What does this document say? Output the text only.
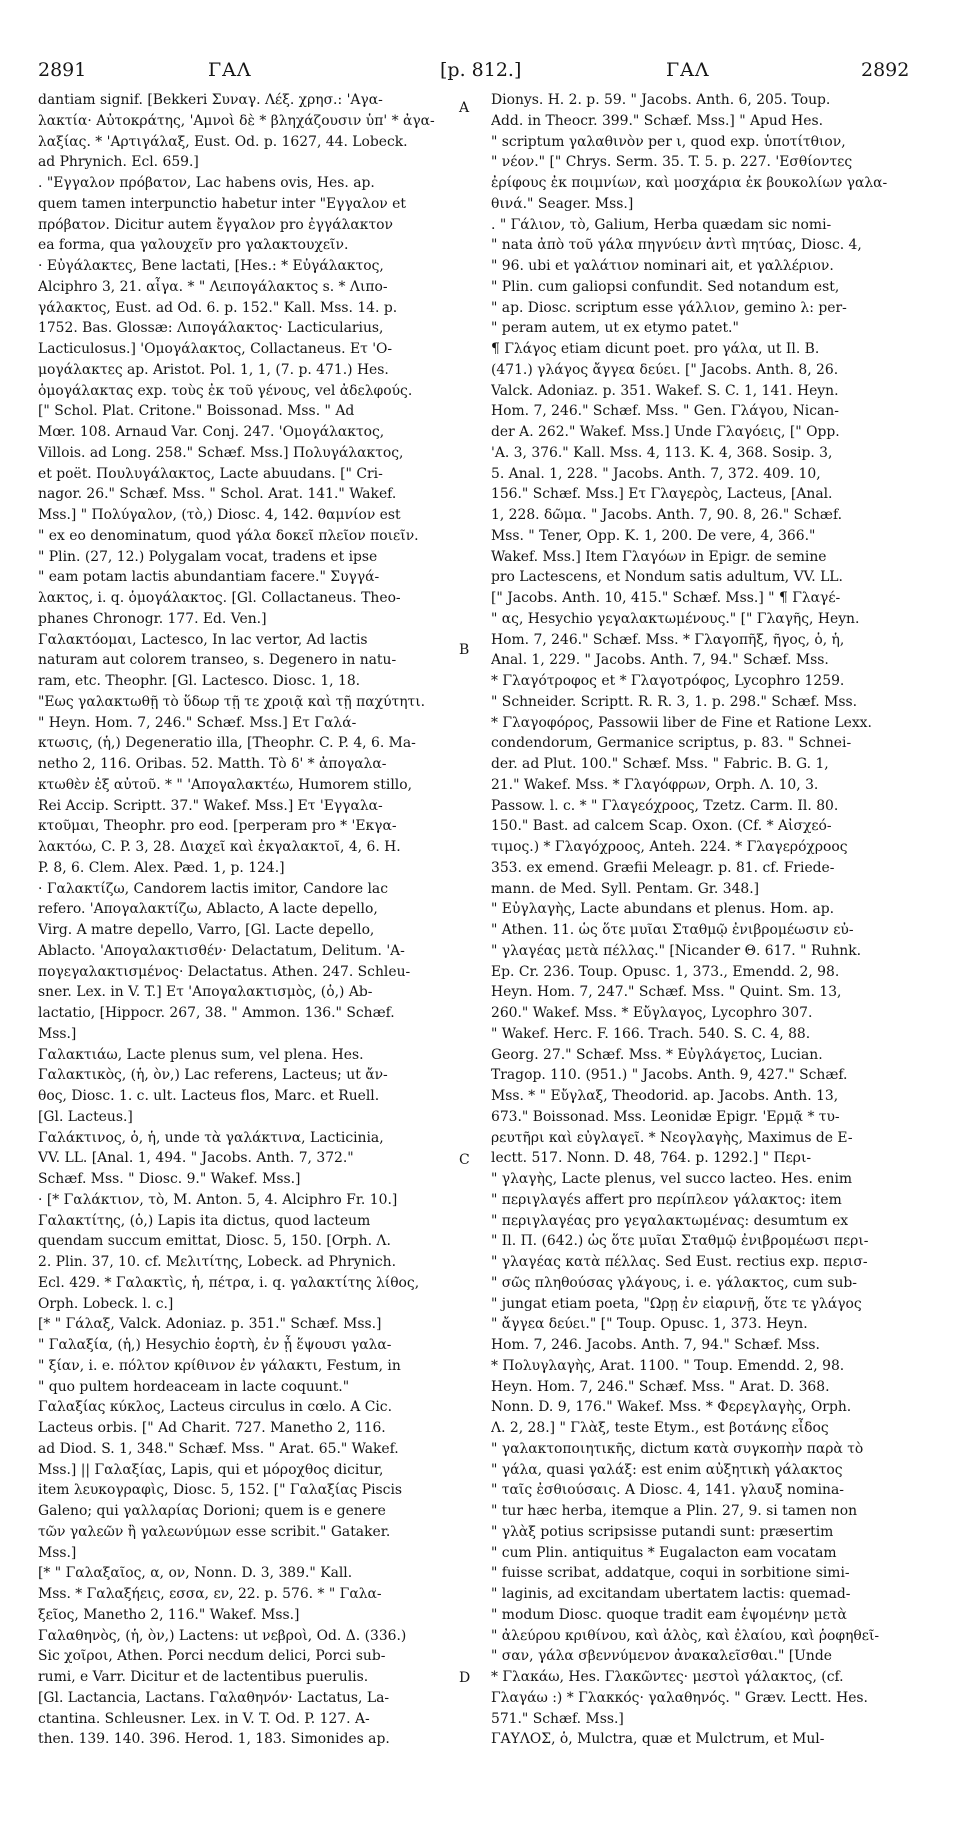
2891	ΓΑΛ	[p. 812.]	ΓΑΛ	2892
dantiam signif. [Bekkeri Συναγ. Λέξ. χρησ.: 'Αγα-
λακτία· Αὐτοκράτης, 'Αμνοὶ δὲ * βληχάζουσιν ὑπ' * ἀγα-
λαξίας. * 'Αρτιγάλαξ, Eust. Od. p. 1627, 44. Lobeck.
ad Phrynich. Ecl. 659.]
. "Εγγαλον πρόβατον, Lac habens ovis, Hes. ap.
quem tamen interpunctio habetur inter "Εγγαλον et
πρόβατον. Dicitur autem ἔγγαλον pro ἐγγάλακτον
ea forma, qua γαλουχεῖν pro γαλακτουχεῖν.
· Εὐγάλακτες, Bene lactati, [Hes.: * Εὐγάλακτος,
Alciphro 3, 21. αἶγα. * " Λειπογάλακτος s. * Λιπο-
γάλακτος, Eust. ad Od. 6. p. 152." Kall. Mss. 14. p.
1752. Bas. Glossæ: Λιπογάλακτος· Lacticularius,
Lacticulosus.] 'Ομογάλακτος, Collactaneus. Ετ 'Ο-
μογάλακτες ap. Aristot. Pol. 1, 1, (7. p. 471.) Hes.
ὁμογάλακτας exp. τοὺς ἐκ τοῦ γένους, vel ἀδελφούς.
[" Schol. Plat. Critone." Boissonad. Mss. " Ad
Mœr. 108. Arnaud Var. Conj. 247. 'Ομογάλακτος,
Villois. ad Long. 258." Schæf. Mss.] Πολυγάλακτος,
et poët. Πουλυγάλακτος, Lacte abuudans. [" Cri-
nagor. 26." Schæf. Mss. " Schol. Arat. 141." Wakef.
Mss.] " Πολύγαλον, (τὸ,) Diosc. 4, 142. θαμνίον est
" ex eo denominatum, quod γάλα δοκεῖ πλεῖον ποιεῖν.
" Plin. (27, 12.) Polygalam vocat, tradens et ipse
" eam potam lactis abundantiam facere." Συγγά-
λακτος, i. q. ὁμογάλακτος. [Gl. Collactaneus. Theo-
phanes Chronogr. 177. Ed. Ven.]
Γαλακτόομαι, Lactesco, In lac vertor, Ad lactis
naturam aut colorem transeo, s. Degenero in natu-
ram, etc. Theophr. [Gl. Lactesco. Diosc. 1, 18.
"Εως γαλακτωθῇ τὸ ὕδωρ τῇ τε χροιᾷ καὶ τῇ παχύτητι.
" Heyn. Hom. 7, 246." Schæf. Mss.] Ετ Γαλά-
κτωσις, (ἡ,) Degeneratio illa, [Theophr. C. P. 4, 6. Ma-
netho 2, 116. Oribas. 52. Matth. Τὸ δ' * ἀπογαλα-
κτωθὲν ἐξ αὐτοῦ. * " 'Απογαλακτέω, Humorem stillo,
Rei Accip. Scriptt. 37." Wakef. Mss.] Ετ 'Εγγαλα-
κτοῦμαι, Theophr. pro eod. [perperam pro * 'Εκγα-
λακτόω, C. P. 3, 28. Διαχεῖ καὶ ἐκγαλακτοῖ, 4, 6. H.
P. 8, 6. Clem. Alex. Pæd. 1, p. 124.]
· Γαλακτίζω, Candorem lactis imitor, Candore lac
refero. 'Απογαλακτίζω, Ablacto, A lacte depello,
Virg. A matre depello, Varro, [Gl. Lacte depello,
Ablacto. 'Απογαλακτισθέν· Delactatum, Delitum. 'Α-
πογεγαλακτισμένος· Delactatus. Athen. 247. Schleu-
sner. Lex. in V. T.] Ετ 'Απογαλακτισμὸς, (ὁ,) Ab-
lactatio, [Hippocr. 267, 38. " Ammon. 136." Schæf.
Mss.]
Γαλακτιάω, Lacte plenus sum, vel plena. Hes.
Γαλακτικὸς, (ἡ, ὸν,) Lac referens, Lacteus; ut ἄν-
θος, Diosc. 1. c. ult. Lacteus flos, Marc. et Ruell.
[Gl. Lacteus.]
Γαλάκτινος, ὁ, ἡ, unde τὰ γαλάκτινα, Lacticinia,
VV. LL. [Anal. 1, 494. " Jacobs. Anth. 7, 372."
Schæf. Mss. " Diosc. 9." Wakef. Mss.]
· [* Γαλάκτιον, τὸ, M. Anton. 5, 4. Alciphro Fr. 10.]
Γαλακτίτης, (ὁ,) Lapis ita dictus, quod lacteum
quendam succum emittat, Diosc. 5, 150. [Orph. Λ.
2. Plin. 37, 10. cf. Μελιτίτης, Lobeck. ad Phrynich.
Ecl. 429. * Γαλακτὶς, ἡ, πέτρα, i. q. γαλακτίτης λίθος,
Orph. Lobeck. l. c.]
[* " Γάλαξ, Valck. Adoniaz. p. 351." Schæf. Mss.]
" Γαλαξία, (ἡ,) Hesychio ἑορτὴ, ἐν ᾗ ἕψουσι γαλα-
" ξίαν, i. e. πόλτον κρίθινον ἐν γάλακτι, Festum, in
" quo pultem hordeaceam in lacte coquunt."
Γαλαξίας κύκλος, Lacteus circulus in cœlo. A Cic.
Lacteus orbis. [" Ad Charit. 727. Manetho 2, 116.
ad Diod. S. 1, 348." Schæf. Mss. " Arat. 65." Wakef.
Mss.] || Γαλαξίας, Lapis, qui et μόροχθος dicitur,
item λευκογραφὶς, Diosc. 5, 152. [" Γαλαξίας Piscis
Galeno; qui γαλλαρίας Dorioni; quem is e genere
τῶν γαλεῶν ἢ γαλεωνύμων esse scribit." Gataker.
Mss.]
[* " Γαλαξαῖος, α, ον, Nonn. D. 3, 389." Kall.
Mss. * Γαλαξήεις, εσσα, εν, 22. p. 576. * " Γαλα-
ξεῖος, Manetho 2, 116." Wakef. Mss.]
Γαλαθηνὸς, (ἡ, ὸν,) Lactens: ut νεβροὶ, Od. Δ. (336.)
Sic χοῖροι, Athen. Porci necdum delici, Porci sub-
rumi, e Varr. Dicitur et de lactentibus puerulis.
[Gl. Lactancia, Lactans. Γαλαθηνόν· Lactatus, La-
ctantina. Schleusner. Lex. in V. T. Od. P. 127. A-
then. 139. 140. 396. Herod. 1, 183. Simonides ap.
A
B
C
D
Dionys. H. 2. p. 59. " Jacobs. Anth. 6, 205. Toup.
Add. in Theocr. 399." Schæf. Mss.] " Apud Hes.
" scriptum γαλαθινὸν per ι, quod exp. ὑποτίτθιον,
" νέον." [" Chrys. Serm. 35. T. 5. p. 227. 'Εσθίοντες
ἐρίφους ἐκ ποιμνίων, καὶ μοσχάρια ἐκ βουκολίων γαλα-
θινά." Seager. Mss.]
. " Γάλιον, τὸ, Galium, Herba quædam sic nomi-
" nata ἀπὸ τοῦ γάλα πηγνύειν ἀντὶ πητύας, Diosc. 4,
" 96. ubi et γαλάτιον nominari ait, et γαλλέριον.
" Plin. cum galiopsi confundit. Sed notandum est,
" ap. Diosc. scriptum esse γάλλιον, gemino λ: per-
" peram autem, ut ex etymo patet."
¶ Γλάγος etiam dicunt poet. pro γάλα, ut Il. B.
(471.) γλάγος ἄγγεα δεύει. [" Jacobs. Anth. 8, 26.
Valck. Adoniaz. p. 351. Wakef. S. C. 1, 141. Heyn.
Hom. 7, 246." Schæf. Mss. " Gen. Γλάγου, Nican-
der A. 262." Wakef. Mss.] Unde Γλαγόεις, [" Opp.
'A. 3, 376." Kall. Mss. 4, 113. K. 4, 368. Sosip. 3,
5. Anal. 1, 228. " Jacobs. Anth. 7, 372. 409. 10,
156." Schæf. Mss.] Ετ Γλαγερὸς, Lacteus, [Anal.
1, 228. δῶμα. " Jacobs. Anth. 7, 90. 8, 26." Schæf.
Mss. " Tener, Opp. K. 1, 200. De vere, 4, 366."
Wakef. Mss.] Item Γλαγόων in Epigr. de semine
pro Lactescens, et Nondum satis adultum, VV. LL.
[" Jacobs. Anth. 10, 415." Schæf. Mss.] " ¶ Γλαγέ-
" ας, Hesychio γεγαλακτωμένους." [" Γλαγῆς, Heyn.
Hom. 7, 246." Schæf. Mss. * Γλαγοπῆξ, ῆγος, ὁ, ἡ,
Anal. 1, 229. " Jacobs. Anth. 7, 94." Schæf. Mss.
* Γλαγότροφος et * Γλαγοτρόφος, Lycophro 1259.
" Schneider. Scriptt. R. R. 3, 1. p. 298." Schæf. Mss.
* Γλαγοφόρος, Passowii liber de Fine et Ratione Lexx.
condendorum, Germanice scriptus, p. 83. " Schnei-
der. ad Plut. 100." Schæf. Mss. " Fabric. B. G. 1,
21." Wakef. Mss. * Γλαγόφρων, Orph. Λ. 10, 3.
Passow. l. c. * " Γλαγεόχροος, Tzetz. Carm. Il. 80.
150." Bast. ad calcem Scap. Oxon. (Cf. * Αἰσχεό-
τιμος.) * Γλαγόχροος, Anteh. 224. * Γλαγερόχροος
353. ex emend. Græfii Meleagr. p. 81. cf. Friede-
mann. de Med. Syll. Pentam. Gr. 348.]
" Εὐγλαγὴς, Lacte abundans et plenus. Hom. ap.
" Athen. 11. ὡς ὅτε μυῖαι Σταθμῷ ἐνιβρομέωσιν εὐ-
" γλαγέας μετὰ πέλλας." [Nicander Θ. 617. " Ruhnk.
Ep. Cr. 236. Toup. Opusc. 1, 373., Emendd. 2, 98.
Heyn. Hom. 7, 247." Schæf. Mss. " Quint. Sm. 13,
260." Wakef. Mss. * Εὔγλαγος, Lycophro 307.
" Wakef. Herc. F. 166. Trach. 540. S. C. 4, 88.
Georg. 27." Schæf. Mss. * Εὐγλάγετος, Lucian.
Tragop. 110. (951.) " Jacobs. Anth. 9, 427." Schæf.
Mss. * " Εὔγλαξ, Theodorid. ap. Jacobs. Anth. 13,
673." Boissonad. Mss. Leonidæ Epigr. 'Ερμᾷ * τυ-
ρευτῆρι καὶ εὐγλαγεῖ. * Νεογλαγὴς, Maximus de E-
lectt. 517. Nonn. D. 48, 764. p. 1292.] " Περι-
" γλαγὴς, Lacte plenus, vel succo lacteo. Hes. enim
" περιγλαγέs affert pro περίπλεον γάλακτος: item
" περιγλαγέας pro γεγαλακτωμένας: desumtum ex
" Il. Π. (642.) ὡς ὅτε μυῖαι Σταθμῷ ἐνιβρομέωσι περι-
" γλαγέας κατὰ πέλλας. Sed Eust. rectius exp. περισ-
" σῶς πληθούσας γλάγους, i. e. γάλακτος, cum sub-
" jungat etiam poeta, "Ωρῃ ἐν εἰαρινῇ, ὅτε τε γλάγος
" ἄγγεα δεύει." [" Toup. Opusc. 1, 373. Heyn.
Hom. 7, 246. Jacobs. Anth. 7, 94." Schæf. Mss.
* Πολυγλαγὴς, Arat. 1100. " Toup. Emendd. 2, 98.
Heyn. Hom. 7, 246." Schæf. Mss. " Arat. D. 368.
Nonn. D. 9, 176." Wakef. Mss. * Φερεγλαγὴς, Orph.
Λ. 2, 28.] " Γλὰξ, teste Etym., est βοτάνης εἶδος
" γαλακτοποιητικῆς, dictum κατὰ συγκοπὴν παρὰ τὸ
" γάλα, quasi γαλάξ: est enim αὐξητικὴ γάλακτος
" ταῖς ἐσθιούσαις. A Diosc. 4, 141. γλαυξ nomina-
" tur hæc herba, itemque a Plin. 27, 9. si tamen non
" γλὰξ potius scripsisse putandi sunt: præsertim
" cum Plin. antiquitus * Eugalacton eam vocatam
" fuisse scribat, addatque, coqui in sorbitione simi-
" laginis, ad excitandam ubertatem lactis: quemad-
" modum Diosc. quoque tradit eam ἑψομένην μετὰ
" ἀλεύρου κριθίνου, καὶ ἁλὸς, καὶ ἐλαίου, καὶ ῥοφηθεῖ-
" σαν, γάλα σβεννύμενον ἀνακαλεῖσθαι." [Unde
* Γλακάω, Hes. Γλακῶντες· μεστοὶ γάλακτος, (cf.
Γλαγάω :) * Γλακκός· γαλαθηνός. " Græv. Lectt. Hes.
571." Schæf. Mss.]
ΓΑΥΛΟΣ, ὁ, Mulctra, quæ et Mulctrum, et Mul-
